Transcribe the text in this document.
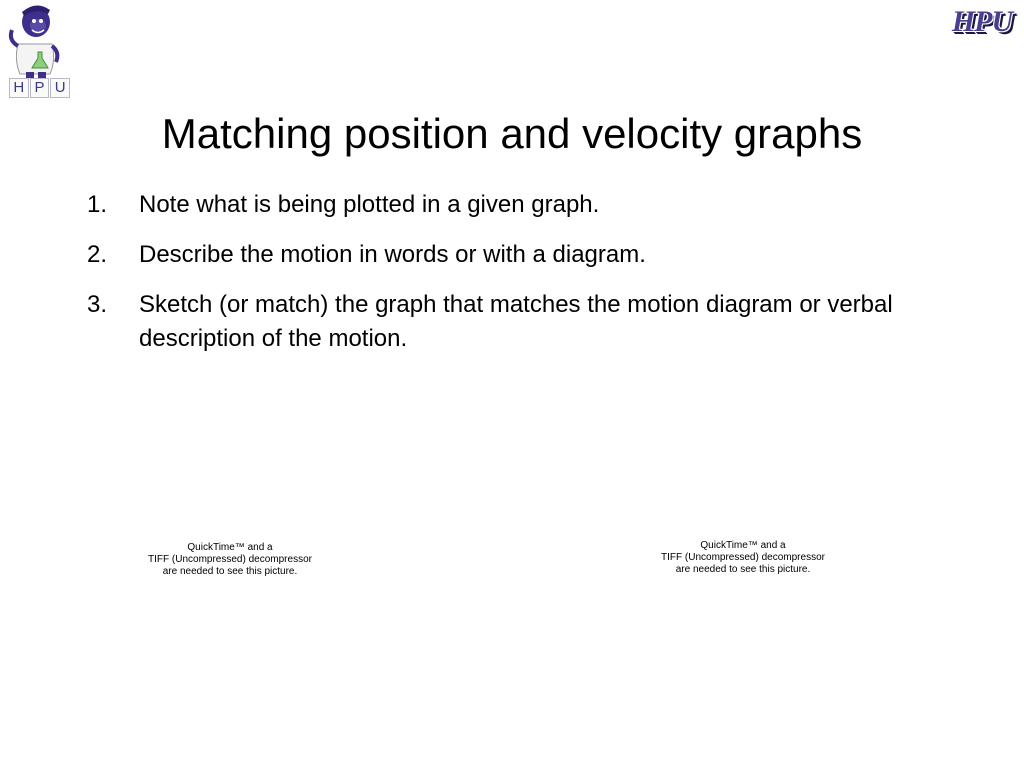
H P U
HPU
Matching position and velocity graphs
1.	Note what is being plotted in a given graph.
2.	Describe the motion in words or with a diagram.
3.	Sketch (or match) the graph that matches the motion diagram or verbal description of the motion.
QuickTime™ and a
TIFF (Uncompressed) decompressor
are needed to see this picture.
QuickTime™ and a
TIFF (Uncompressed) decompressor
are needed to see this picture.
